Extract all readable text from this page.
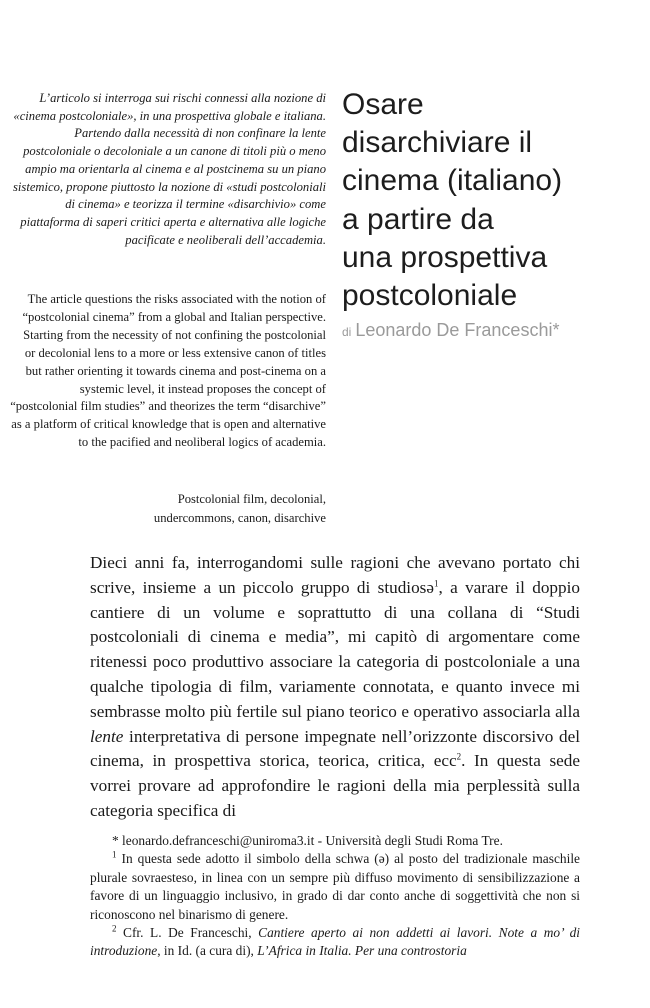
L’articolo si interroga sui rischi connessi alla nozione di «cinema postcoloniale», in una prospettiva globale e italiana. Partendo dalla necessità di non confinare la lente postcoloniale o decoloniale a un canone di titoli più o meno ampio ma orientarla al cinema e al postcinema su un piano sistemico, propone piuttosto la nozione di «studi postcoloniali di cinema» e teorizza il termine «disarchivio» come piattaforma di saperi critici aperta e alternativa alle logiche pacificate e neoliberali dell’accademia.

The article questions the risks associated with the notion of “postcolonial cinema” from a global and Italian perspective. Starting from the necessity of not confining the postcolonial or decolonial lens to a more or less extensive canon of titles but rather orienting it towards cinema and post-cinema on a systemic level, it instead proposes the concept of “postcolonial film studies” and theorizes the term “disarchive” as a platform of critical knowledge that is open and alternative to the pacified and neoliberal logics of academia.

Postcolonial film, decolonial, undercommons, canon, disarchive

Osare
disarchiviare il
cinema (italiano)
a partire da
una prospettiva
postcoloniale

di Leonardo De Franceschi*

Dieci anni fa, interrogandomi sulle ragioni che avevano portato chi scrive, insieme a un piccolo gruppo di studiosə$^1$, a varare il doppio cantiere di un volume e soprattutto di una collana di “Studi postcoloniali di cinema e media”, mi capitò di argomentare come ritenessi poco produttivo associare la categoria di postcoloniale a una qualche tipologia di film, variamente connotata, e quanto invece mi sembrasse molto più fertile sul piano teorico e operativo associarla alla lente interpretativa di persone impegnate nell’orizzonte discorsivo del cinema, in prospettiva storica, teorica, critica, ecc$^2$. In questa sede vorrei provare ad approfondire le ragioni della mia perplessità sulla categoria specifica di

* leonardo.defranceschi@uniroma3.it - Università degli Studi Roma Tre.

$^1$ In questa sede adotto il simbolo della schwa (ə) al posto del tradizionale maschile plurale sovraesteso, in linea con un sempre più diffuso movimento di sensibilizzazione a favore di un linguaggio inclusivo, in grado di dar conto anche di soggettività che non si riconoscono nel binarismo di genere.

$^2$ Cfr. L. De Franceschi, Cantiere aperto ai non addetti ai lavori. Note a mo’ di introduzione, in Id. (a cura di), L’Africa in Italia. Per una controstoria
